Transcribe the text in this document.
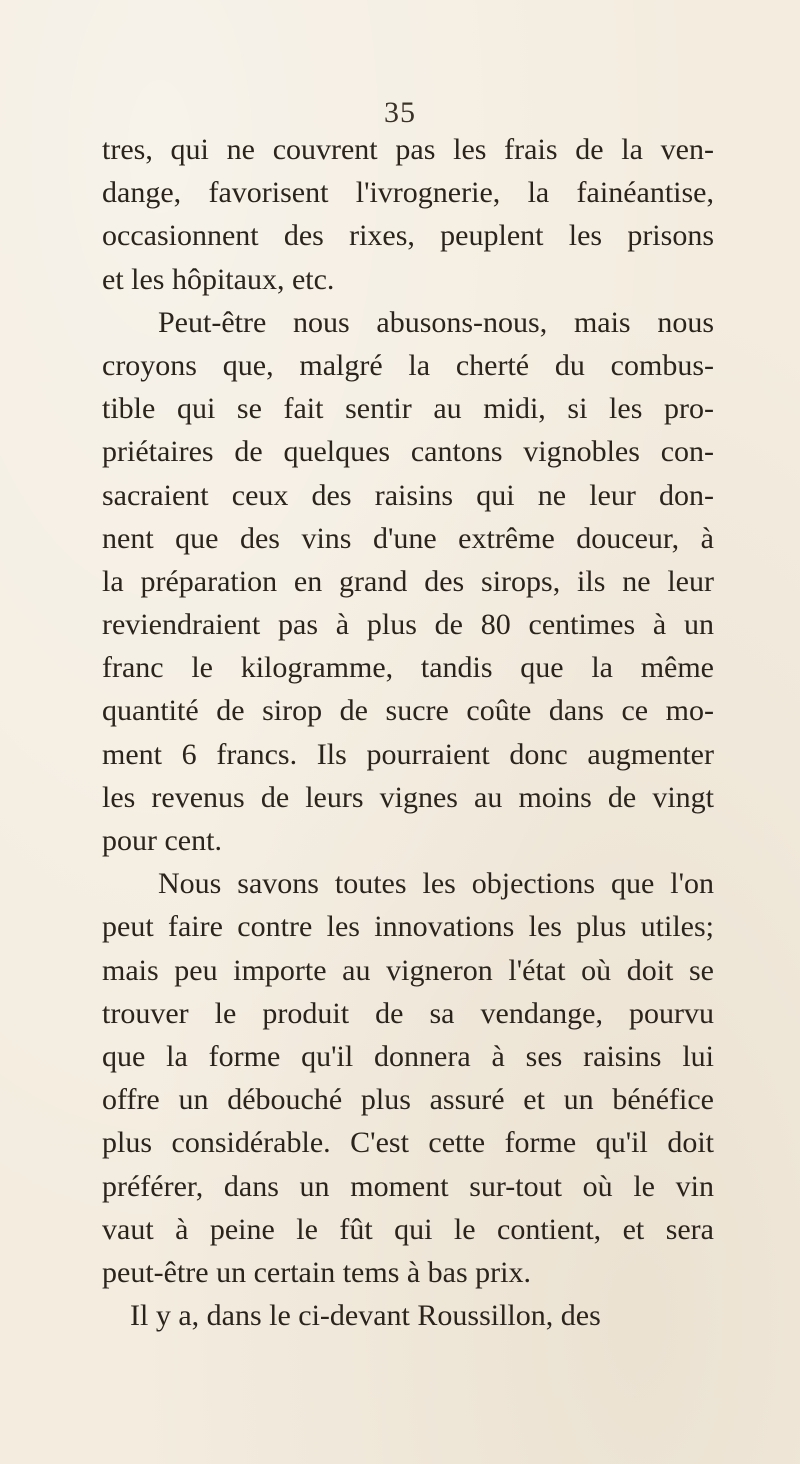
35
tres, qui ne couvrent pas les frais de la ven-
dange, favorisent l'ivrognerie, la fainéantise,
occasionnent des rixes, peuplent les prisons
et les hôpitaux, etc.
Peut-être nous abusons-nous, mais nous
croyons que, malgré la cherté du combus-
tible qui se fait sentir au midi, si les pro-
priétaires de quelques cantons vignobles con-
sacraient ceux des raisins qui ne leur don-
nent que des vins d'une extrême douceur, à
la préparation en grand des sirops, ils ne leur
reviendraient pas à plus de 80 centimes à un
franc le kilogramme, tandis que la même
quantité de sirop de sucre coûte dans ce mo-
ment 6 francs. Ils pourraient donc augmenter
les revenus de leurs vignes au moins de vingt
pour cent.
Nous savons toutes les objections que l'on
peut faire contre les innovations les plus utiles;
mais peu importe au vigneron l'état où doit se
trouver le produit de sa vendange, pourvu
que la forme qu'il donnera à ses raisins lui
offre un débouché plus assuré et un bénéfice
plus considérable. C'est cette forme qu'il doit
préférer, dans un moment sur-tout où le vin
vaut à peine le fût qui le contient, et sera
peut-être un certain tems à bas prix.
Il y a, dans le ci-devant Roussillon, des
